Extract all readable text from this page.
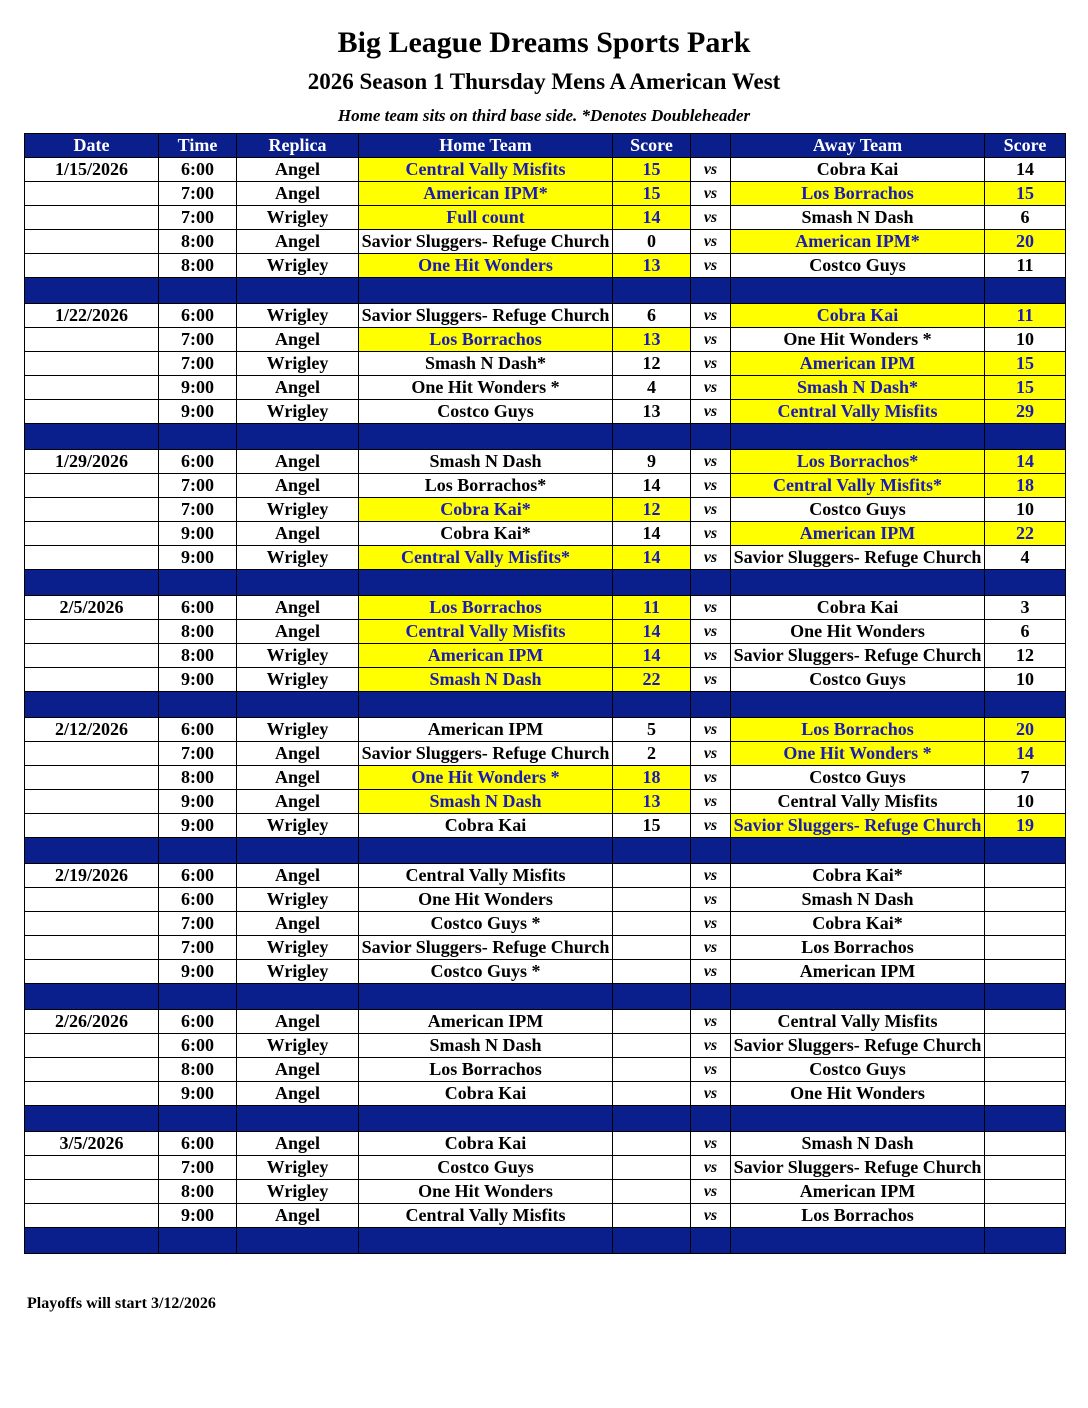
Big League Dreams Sports Park
2026 Season 1 Thursday Mens A American West
Home team sits on third base side. *Denotes Doubleheader
Date	Time	Replica	Home Team	Score		Away Team	Score
1/15/2026	6:00	Angel	Central Vally Misfits	15	vs	Cobra Kai	14
	7:00	Angel	American IPM*	15	vs	Los Borrachos	15
	7:00	Wrigley	Full count	14	vs	Smash N Dash	6
	8:00	Angel	Savior Sluggers- Refuge Church	0	vs	American IPM*	20
	8:00	Wrigley	One Hit Wonders	13	vs	Costco Guys	11

1/22/2026	6:00	Wrigley	Savior Sluggers- Refuge Church	6	vs	Cobra Kai	11
	7:00	Angel	Los Borrachos	13	vs	One Hit Wonders *	10
	7:00	Wrigley	Smash N Dash*	12	vs	American IPM	15
	9:00	Angel	One Hit Wonders *	4	vs	Smash N Dash*	15
	9:00	Wrigley	Costco Guys	13	vs	Central Vally Misfits	29

1/29/2026	6:00	Angel	Smash N Dash	9	vs	Los Borrachos*	14
	7:00	Angel	Los Borrachos*	14	vs	Central Vally Misfits*	18
	7:00	Wrigley	Cobra Kai*	12	vs	Costco Guys	10
	9:00	Angel	Cobra Kai*	14	vs	American IPM	22
	9:00	Wrigley	Central Vally Misfits*	14	vs	Savior Sluggers- Refuge Church	4

2/5/2026	6:00	Angel	Los Borrachos	11	vs	Cobra Kai	3
	8:00	Angel	Central Vally Misfits	14	vs	One Hit Wonders	6
	8:00	Wrigley	American IPM	14	vs	Savior Sluggers- Refuge Church	12
	9:00	Wrigley	Smash N Dash	22	vs	Costco Guys	10

2/12/2026	6:00	Wrigley	American IPM	5	vs	Los Borrachos	20
	7:00	Angel	Savior Sluggers- Refuge Church	2	vs	One Hit Wonders *	14
	8:00	Angel	One Hit Wonders *	18	vs	Costco Guys	7
	9:00	Angel	Smash N Dash	13	vs	Central Vally Misfits	10
	9:00	Wrigley	Cobra Kai	15	vs	Savior Sluggers- Refuge Church	19

2/19/2026	6:00	Angel	Central Vally Misfits		vs	Cobra Kai*	
	6:00	Wrigley	One Hit Wonders		vs	Smash N Dash	
	7:00	Angel	Costco Guys *		vs	Cobra Kai*	
	7:00	Wrigley	Savior Sluggers- Refuge Church		vs	Los Borrachos	
	9:00	Wrigley	Costco Guys *		vs	American IPM	

2/26/2026	6:00	Angel	American IPM		vs	Central Vally Misfits	
	6:00	Wrigley	Smash N Dash		vs	Savior Sluggers- Refuge Church	
	8:00	Angel	Los Borrachos		vs	Costco Guys	
	9:00	Angel	Cobra Kai		vs	One Hit Wonders	

3/5/2026	6:00	Angel	Cobra Kai		vs	Smash N Dash	
	7:00	Wrigley	Costco Guys		vs	Savior Sluggers- Refuge Church	
	8:00	Wrigley	One Hit Wonders		vs	American IPM	
	9:00	Angel	Central Vally Misfits		vs	Los Borrachos	

Playoffs will start 3/12/2026
